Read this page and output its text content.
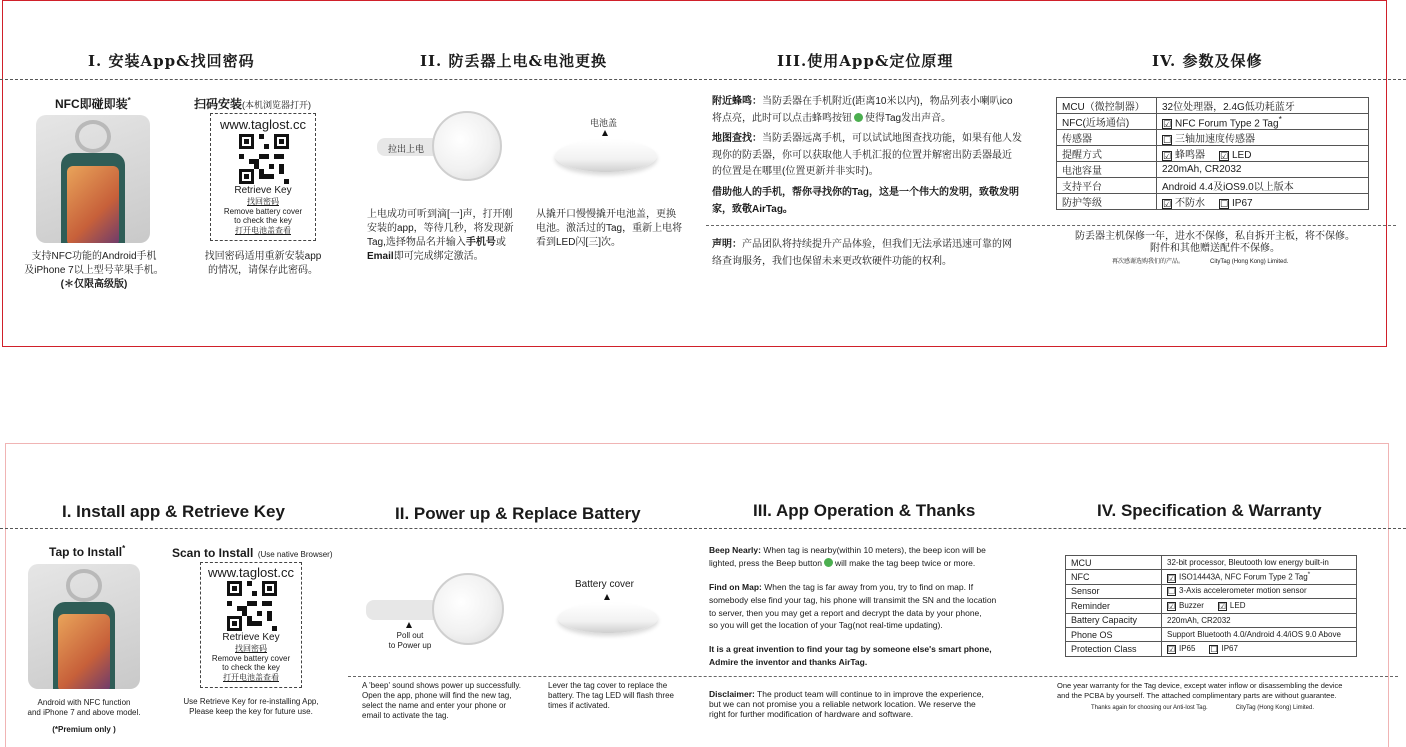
I. 安装App&找回密码	II. 防丢器上电&电池更换	III.使用App&定位原理	IV. 参数及保修
NFC即碰即装*
支持NFC功能的Android手机
及iPhone 7以上型号苹果手机。
(＊仅限高级版)
扫码安装(本机浏览器打开)
www.taglost.cc
Retrieve Key
找回密码
Remove battery cover
to check the key
打开电池盖查看
找回密码适用重新安装app
的情况，请保存此密码。
拉出上电
电池盖
上电成功可听到滴[一]声，打开刚
安装的app，等待几秒，将发现新
Tag,选择物品名并输入手机号或
Email即可完成绑定激活。
从撬开口慢慢撬开电池盖，更换
电池。激活过的Tag，重新上电将
看到LED闪[三]次。
附近蜂鸣：当防丢器在手机附近(距离10米以内)，物品列表小喇叭ico
将点亮，此时可以点击蜂鸣按钮 使得Tag发出声音。
地图查找：当防丢器远离手机，可以试试地图查找功能，如果有他人发
现你的防丢器，你可以获取他人手机汇报的位置并解密出防丢器最近
的位置是在哪里(位置更新并非实时)。
借助他人的手机，帮你寻找你的Tag，这是一个伟大的发明，致敬发明
家，致敬AirTag。
声明：产品团队将持续提升产品体验，但我们无法承诺迅速可靠的网
络查询服务，我们也保留未来更改软硬件功能的权利。
MCU（微控制器）	32位处理器，2.4G低功耗蓝牙
NFC(近场通信)	☑ NFC Forum Type 2 Tag*
传感器	☐ 三轴加速度传感器
提醒方式	☑ 蜂鸣器 ☑ LED
电池容量	220mAh, CR2032
支持平台	Android 4.4及iOS9.0以上版本
防护等级	☑ 不防水 ☐ IP67
防丢器主机保修一年，进水不保修，私自拆开主板，将不保修。
附件和其他赠送配件不保修。
再次感谢选购我们的产品。	CityTag (Hong Kong) Limited.
I. Install app & Retrieve Key	II. Power up & Replace Battery	III. App Operation & Thanks	IV. Specification & Warranty
Tap to Install*
Android with NFC function
and iPhone 7 and above model.
(*Premium only )
Scan to Install (Use native Browser)
www.taglost.cc
Retrieve Key
找回密码
Remove battery cover
to check the key
打开电池盖查看
Use Retrieve Key for re-installing App,
Please keep the key for future use.
Poll out
to Power up
Battery cover
A 'beep' sound shows power up successfully.
Open the app, phone will find the new tag,
select the name and enter your phone or
email to activate the tag.
Lever the tag cover to replace the
battery. The tag LED will flash three
times if activated.
Beep Nearly: When tag is nearby(within 10 meters), the beep icon will be
lighted, press the Beep button will make the tag beep twice or more.
Find on Map: When the tag is far away from you, try to find on map. If
somebody else find your tag, his phone will transimit the SN and the location
to server, then you may get a report and decrypt the data by your phone,
so you will get the location of your Tag(not real-time updating).
It is a great invention to find your tag by someone else's smart phone,
Admire the inventor and thanks AirTag.
Disclaimer: The product team will continue to in improve the experience,
but we can not promise you a reliable network location. We reserve the
right for further modification of hardware and software.
MCU	32-bit processor, Bleutooth low energy built-in
NFC	☑ ISO14443A, NFC Forum Type 2 Tag*
Sensor	☐ 3-Axis accelerometer motion sensor
Reminder	☑ Buzzer ☑ LED
Battery Capacity	220mAh, CR2032
Phone OS	Support Bluetooth 4.0/Android 4.4/iOS 9.0 Above
Protection Class	☑ IP65 ☐ IP67
One year warranty for the Tag device, except water inflow or disassembling the device
and the PCBA by yourself. The attached complimentary parts are without guarantee.
Thanks again for choosing our Anti-lost Tag.	CityTag (Hong Kong) Limited.
